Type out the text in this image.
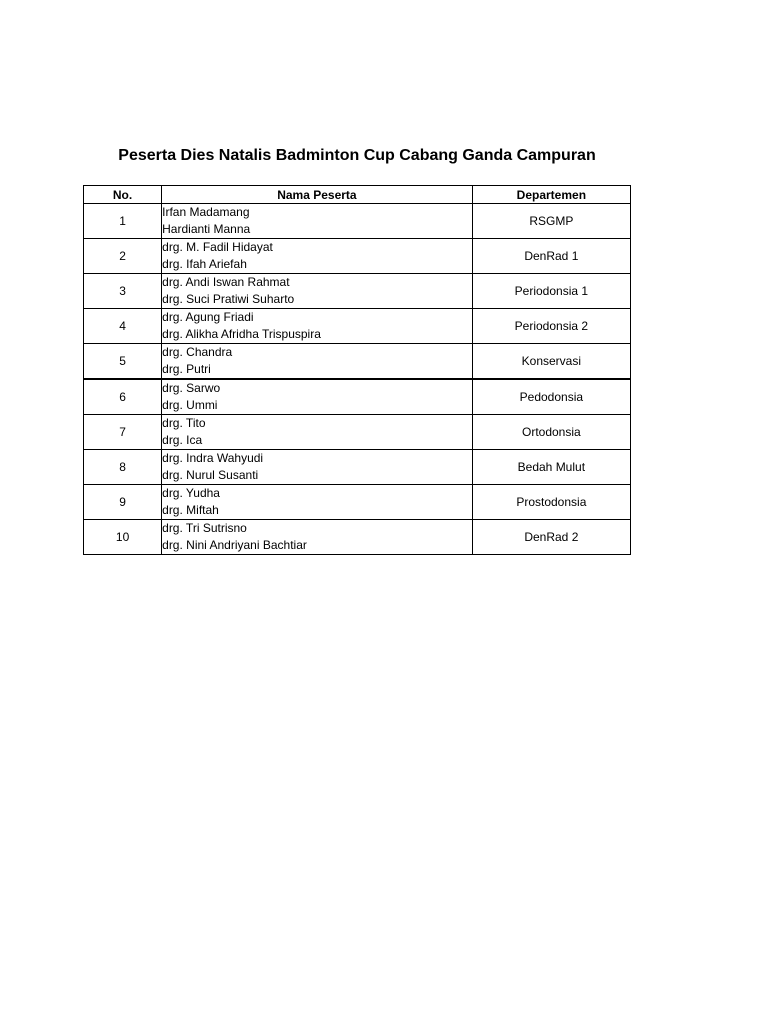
Peserta Dies Natalis Badminton Cup Cabang Ganda Campuran
No.	Nama Peserta	Departemen
1	Irfan Madamang
Hardianti Manna	RSGMP
2	drg. M. Fadil Hidayat
drg. Ifah Ariefah	DenRad 1
3	drg. Andi Iswan Rahmat
drg. Suci Pratiwi Suharto	Periodonsia 1
4	drg. Agung Friadi
drg. Alikha Afridha Trispuspira	Periodonsia 2
5	drg. Chandra
drg. Putri	Konservasi
6	drg. Sarwo
drg. Ummi	Pedodonsia
7	drg. Tito
drg. Ica	Ortodonsia
8	drg. Indra Wahyudi
drg. Nurul Susanti	Bedah Mulut
9	drg. Yudha
drg. Miftah	Prostodonsia
10	drg. Tri Sutrisno
drg. Nini Andriyani Bachtiar	DenRad 2
